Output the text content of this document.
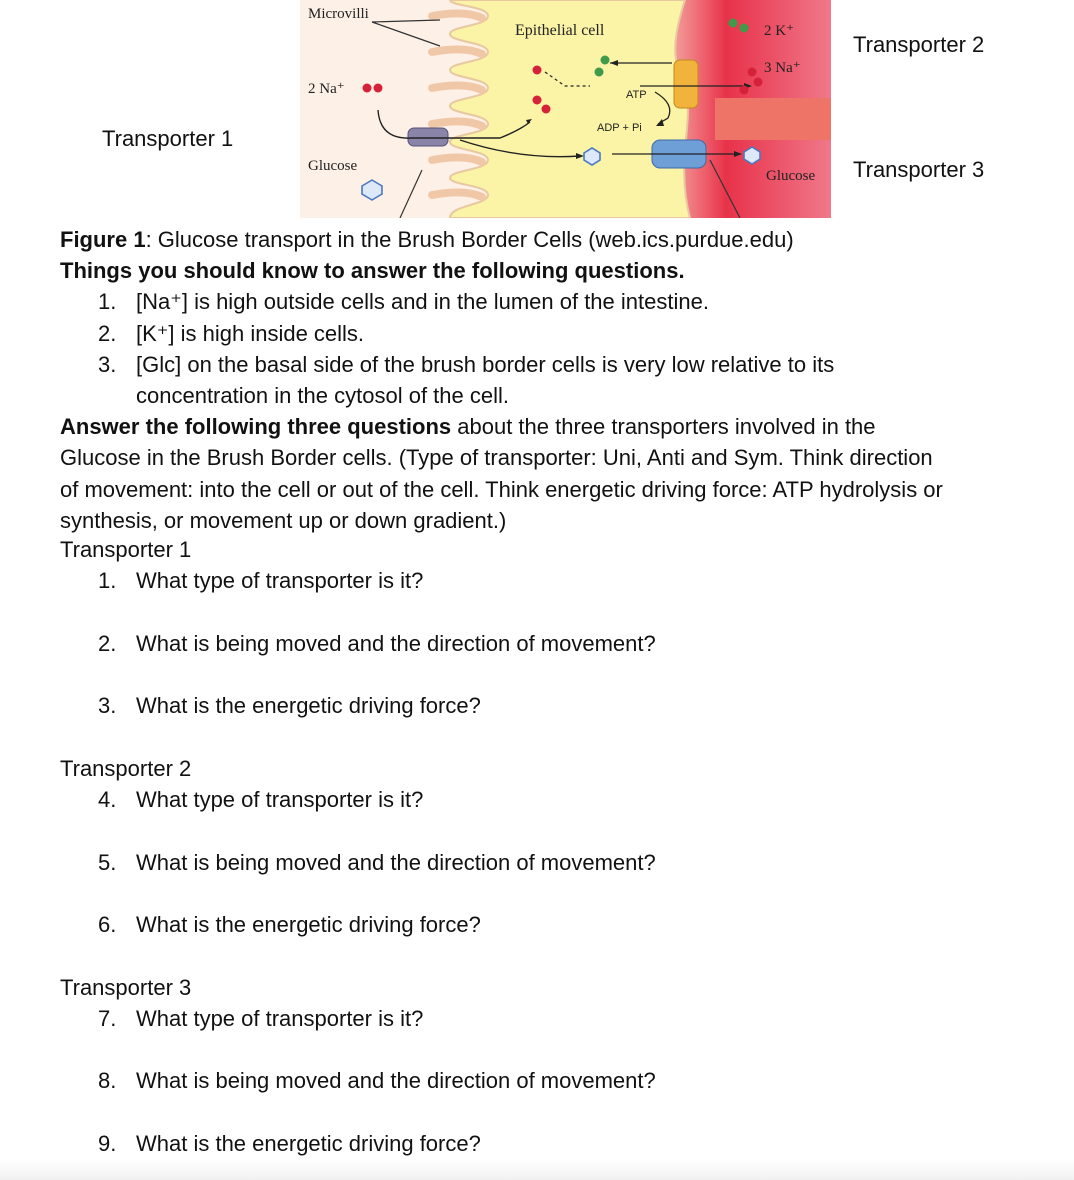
Microvilli
Epithelial cell	2 K⁺
3 Na⁺
2 Na⁺
Glucose
Glucose
ATP
ADP + Pi
Transporter 1
Transporter 2
Transporter 3
Figure 1: Glucose transport in the Brush Border Cells (web.ics.purdue.edu)
Things you should know to answer the following questions.
1. [Na⁺] is high outside cells and in the lumen of the intestine.
2. [K⁺] is high inside cells.
3. [Glc] on the basal side of the brush border cells is very low relative to its
concentration in the cytosol of the cell.
Answer the following three questions about the three transporters involved in the
Glucose in the Brush Border cells. (Type of transporter: Uni, Anti and Sym. Think direction
of movement: into the cell or out of the cell. Think energetic driving force: ATP hydrolysis or
synthesis, or movement up or down gradient.)
Transporter 1
1. What type of transporter is it?
2. What is being moved and the direction of movement?
3. What is the energetic driving force?
Transporter 2
4. What type of transporter is it?
5. What is being moved and the direction of movement?
6. What is the energetic driving force?
Transporter 3
7. What type of transporter is it?
8. What is being moved and the direction of movement?
9. What is the energetic driving force?
